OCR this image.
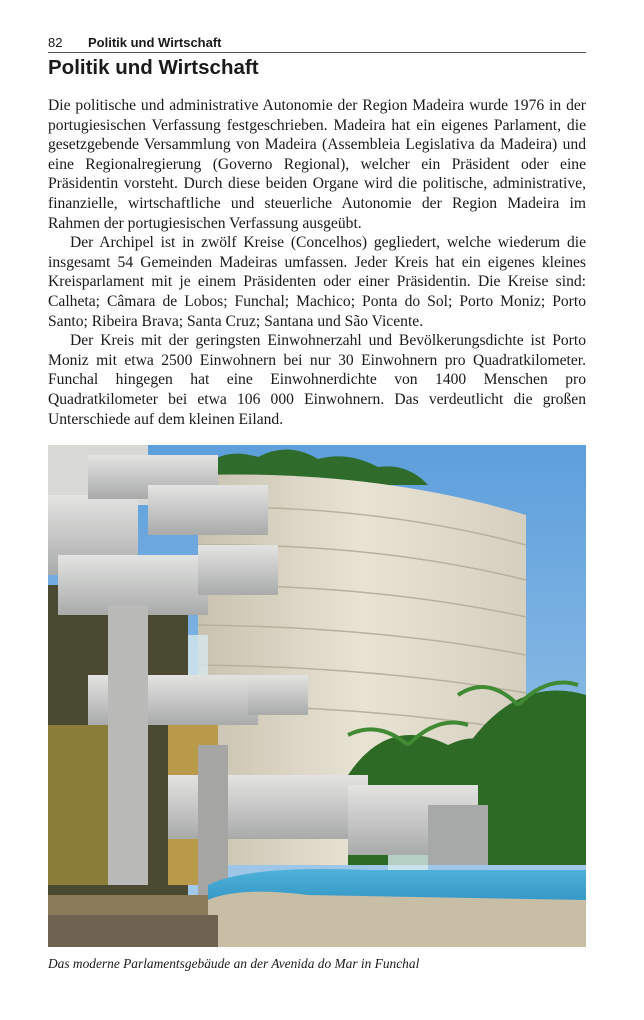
82	Politik und Wirtschaft
Politik und Wirtschaft

Die politische und administrative Autonomie der Region Madeira wurde 1976 in der portugiesischen Verfassung festgeschrieben. Madeira hat ein eigenes Parlament, die gesetzgebende Versammlung von Madeira (Assembleia Legislativa da Madeira) und eine Regionalregierung (Governo Regional), welcher ein Präsident oder eine Präsidentin vorsteht. Durch diese beiden Organe wird die politische, administrative, finanzielle, wirtschaftliche und steuerliche Autonomie der Region Madeira im Rahmen der portugiesischen Verfassung ausgeübt.

Der Archipel ist in zwölf Kreise (Concelhos) gegliedert, welche wiederum die insgesamt 54 Gemeinden Madeiras umfassen. Jeder Kreis hat ein eigenes kleines Kreisparlament mit je einem Präsidenten oder einer Präsidentin. Die Kreise sind: Calheta; Câmara de Lobos; Funchal; Machico; Ponta do Sol; Porto Moniz; Porto Santo; Ribeira Brava; Santa Cruz; Santana und São Vicente.

Der Kreis mit der geringsten Einwohnerzahl und Bevölkerungsdichte ist Porto Moniz mit etwa 2500 Einwohnern bei nur 30 Einwohnern pro Quadratkilometer. Funchal hingegen hat eine Einwohnerdichte von 1400 Menschen pro Quadratkilometer bei etwa 106 000 Einwohnern. Das verdeutlicht die großen Unterschiede auf dem kleinen Eiland.

Das moderne Parlamentsgebäude an der Avenida do Mar in Funchal
